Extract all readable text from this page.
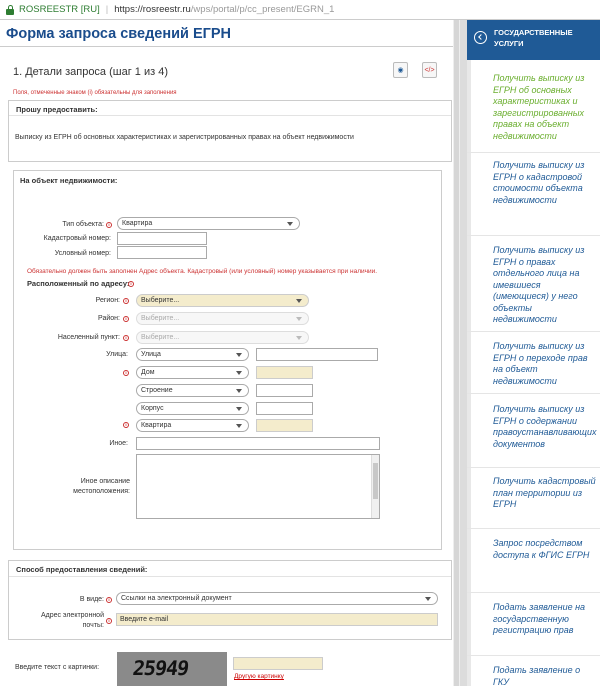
ROSREESTR [RU] | https://rosreestr.ru/wps/portal/p/cc_present/EGRN_1
Форма запроса сведений ЕГРН
1. Детали запроса (шаг 1 из 4)	◉	</>
Поля, отмеченные знаком (i) обязательны для заполнения
Прошу предоставить:
Выписку из ЕГРН об основных характеристиках и зарегистрированных правах на объект недвижимости
На объект недвижимости:
Тип объекта: i	Квартира
Кадастровый номер:
Условный номер:
Обязательно должен быть заполнен Адрес объекта. Кадастровый (или условный) номер указывается при наличии.
Расположенный по адресу: i
Регион:	i	Выберите...
Район:	i	Выберите...
Населенный пункт:	i	Выберите...
Улица:	Улица
i	Дом
Строение
Корпус
i	Квартира
Иное:
Иное описание местоположения:
Способ предоставления сведений:
В виде: i	Ссылки на электронный документ
Адрес электронной почты:
i	Введите e-mail
Введите текст с картинки: 25949	Другую картинку
ГОСУДАРСТВЕННЫЕ УСЛУГИ
Получить выписку из ЕГРН об основных характеристиках и зарегистрированных правах на объект недвижимости
Получить выписку из ЕГРН о кадастровой стоимости объекта недвижимости
Получить выписку из ЕГРН о правах отдельного лица на имевшиеся (имеющиеся) у него объекты недвижимости
Получить выписку из ЕГРН о переходе прав на объект недвижимости
Получить выписку из ЕГРН о содержании правоустанавливающих документов
Получить кадастровый план территории из ЕГРН
Запрос посредством доступа к ФГИС ЕГРН
Подать заявление на государственную регистрацию прав
Подать заявление о ГКУ
